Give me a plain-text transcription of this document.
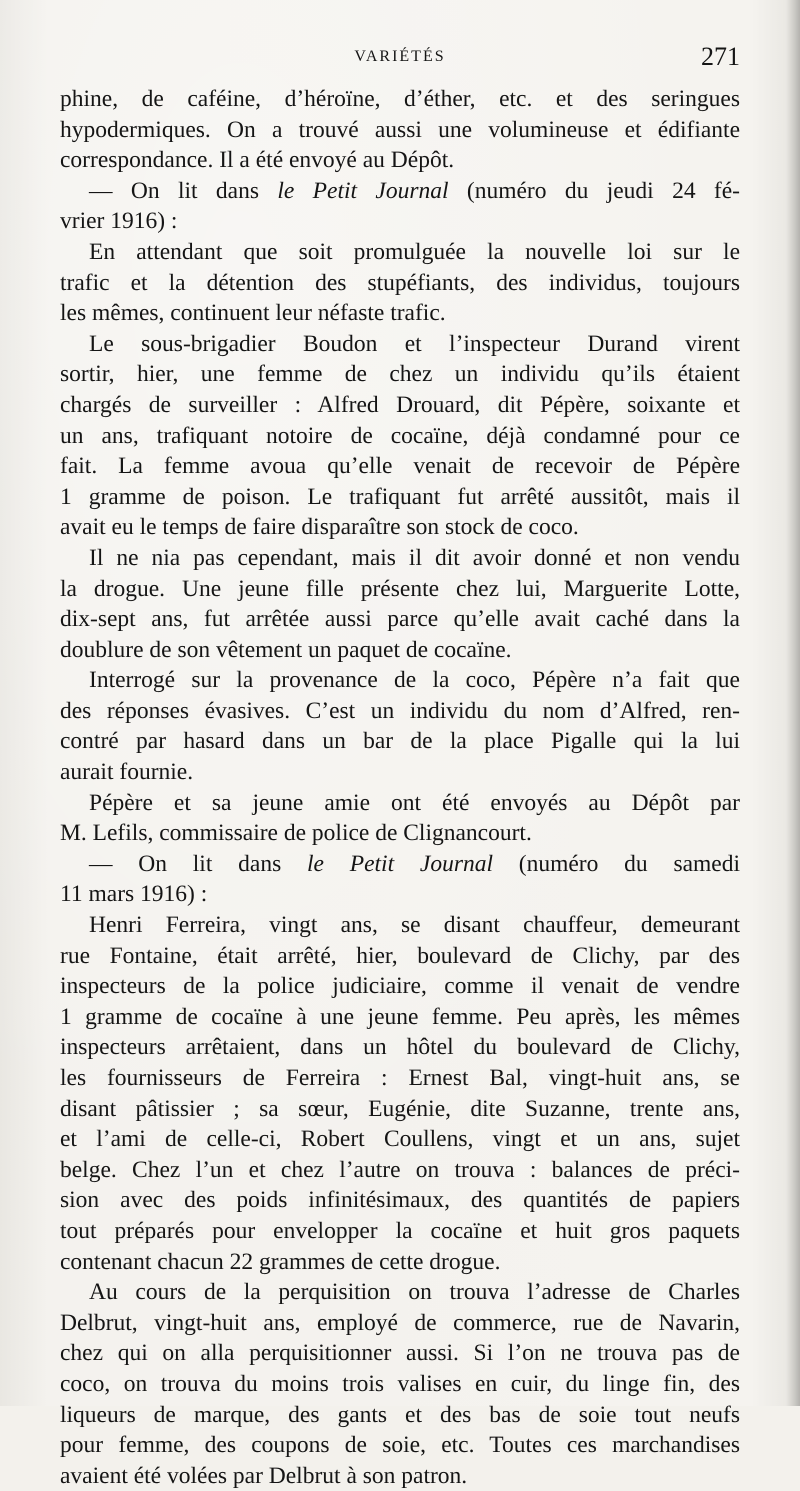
VARIÉTÉS	271
phine, de caféine, d’héroïne, d’éther, etc. et des seringues
hypodermiques. On a trouvé aussi une volumineuse et édifiante
correspondance. Il a été envoyé au Dépôt.
— On lit dans le Petit Journal (numéro du jeudi 24 fé-
vrier 1916) :
En attendant que soit promulguée la nouvelle loi sur le
trafic et la détention des stupéfiants, des individus, toujours
les mêmes, continuent leur néfaste trafic.
Le sous-brigadier Boudon et l’inspecteur Durand virent
sortir, hier, une femme de chez un individu qu’ils étaient
chargés de surveiller : Alfred Drouard, dit Pépère, soixante et
un ans, trafiquant notoire de cocaïne, déjà condamné pour ce
fait. La femme avoua qu’elle venait de recevoir de Pépère
1 gramme de poison. Le trafiquant fut arrêté aussitôt, mais il
avait eu le temps de faire disparaître son stock de coco.
Il ne nia pas cependant, mais il dit avoir donné et non vendu
la drogue. Une jeune fille présente chez lui, Marguerite Lotte,
dix-sept ans, fut arrêtée aussi parce qu’elle avait caché dans la
doublure de son vêtement un paquet de cocaïne.
Interrogé sur la provenance de la coco, Pépère n’a fait que
des réponses évasives. C’est un individu du nom d’Alfred, ren-
contré par hasard dans un bar de la place Pigalle qui la lui
aurait fournie.
Pépère et sa jeune amie ont été envoyés au Dépôt par
M. Lefils, commissaire de police de Clignancourt.
— On lit dans le Petit Journal (numéro du samedi
11 mars 1916) :
Henri Ferreira, vingt ans, se disant chauffeur, demeurant
rue Fontaine, était arrêté, hier, boulevard de Clichy, par des
inspecteurs de la police judiciaire, comme il venait de vendre
1 gramme de cocaïne à une jeune femme. Peu après, les mêmes
inspecteurs arrêtaient, dans un hôtel du boulevard de Clichy,
les fournisseurs de Ferreira : Ernest Bal, vingt-huit ans, se
disant pâtissier ; sa sœur, Eugénie, dite Suzanne, trente ans,
et l’ami de celle-ci, Robert Coullens, vingt et un ans, sujet
belge. Chez l’un et chez l’autre on trouva : balances de préci-
sion avec des poids infinitésimaux, des quantités de papiers
tout préparés pour envelopper la cocaïne et huit gros paquets
contenant chacun 22 grammes de cette drogue.
Au cours de la perquisition on trouva l’adresse de Charles
Delbrut, vingt-huit ans, employé de commerce, rue de Navarin,
chez qui on alla perquisitionner aussi. Si l’on ne trouva pas de
coco, on trouva du moins trois valises en cuir, du linge fin, des
liqueurs de marque, des gants et des bas de soie tout neufs
pour femme, des coupons de soie, etc. Toutes ces marchandises
avaient été volées par Delbrut à son patron.
